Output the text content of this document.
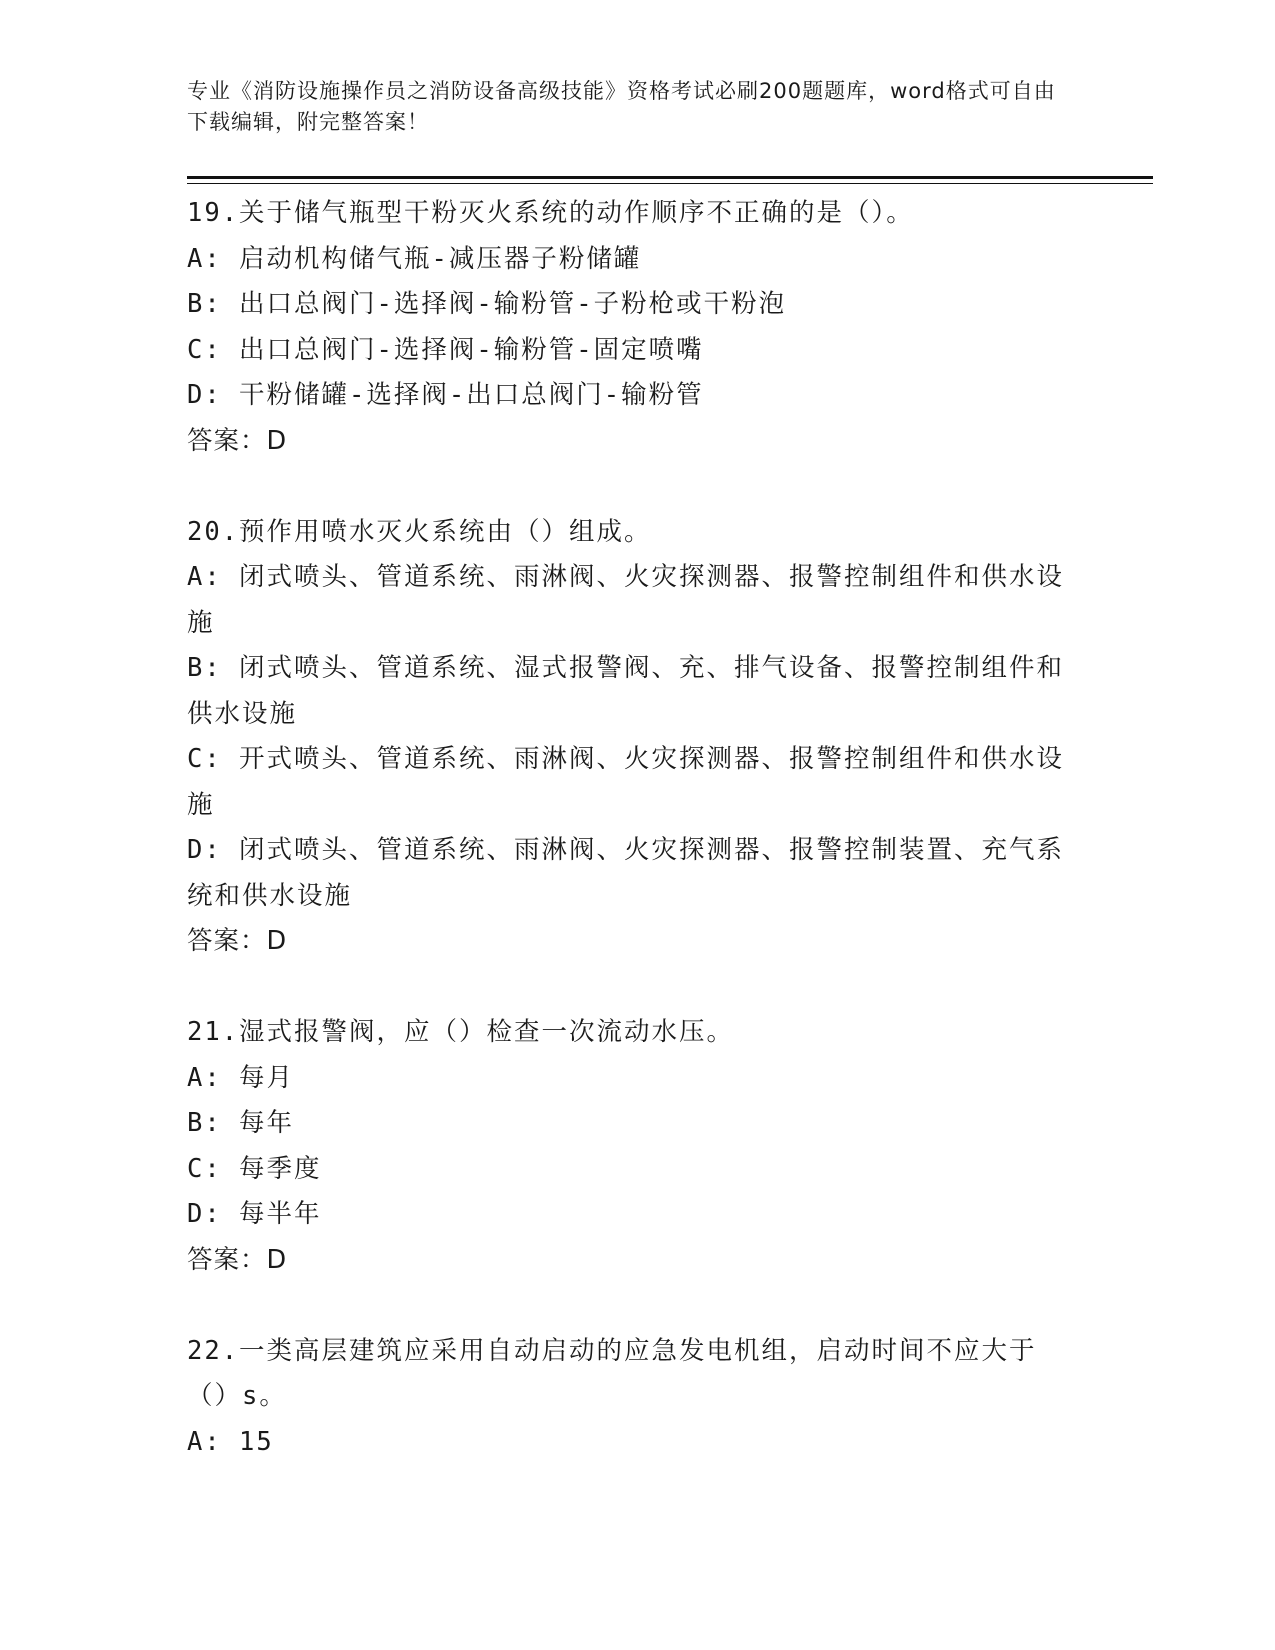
专业《消防设施操作员之消防设备高级技能》资格考试必刷200题题库，word格式可自由下载编辑，附完整答案！
19.关于储气瓶型干粉灭火系统的动作顺序不正确的是（）。
A: 启动机构储气瓶-减压器子粉储罐
B: 出口总阀门-选择阀-输粉管-子粉枪或干粉泡
C: 出口总阀门-选择阀-输粉管-固定喷嘴
D: 干粉储罐-选择阀-出口总阀门-输粉管
答案：D
20.预作用喷水灭火系统由（）组成。
A: 闭式喷头、管道系统、雨淋阀、火灾探测器、报警控制组件和供水设施
B: 闭式喷头、管道系统、湿式报警阀、充、排气设备、报警控制组件和供水设施
C: 开式喷头、管道系统、雨淋阀、火灾探测器、报警控制组件和供水设施
D: 闭式喷头、管道系统、雨淋阀、火灾探测器、报警控制装置、充气系统和供水设施
答案：D
21.湿式报警阀，应（）检查一次流动水压。
A: 每月
B: 每年
C: 每季度
D: 每半年
答案：D
22.一类高层建筑应采用自动启动的应急发电机组，启动时间不应大于（）s。
A: 15
